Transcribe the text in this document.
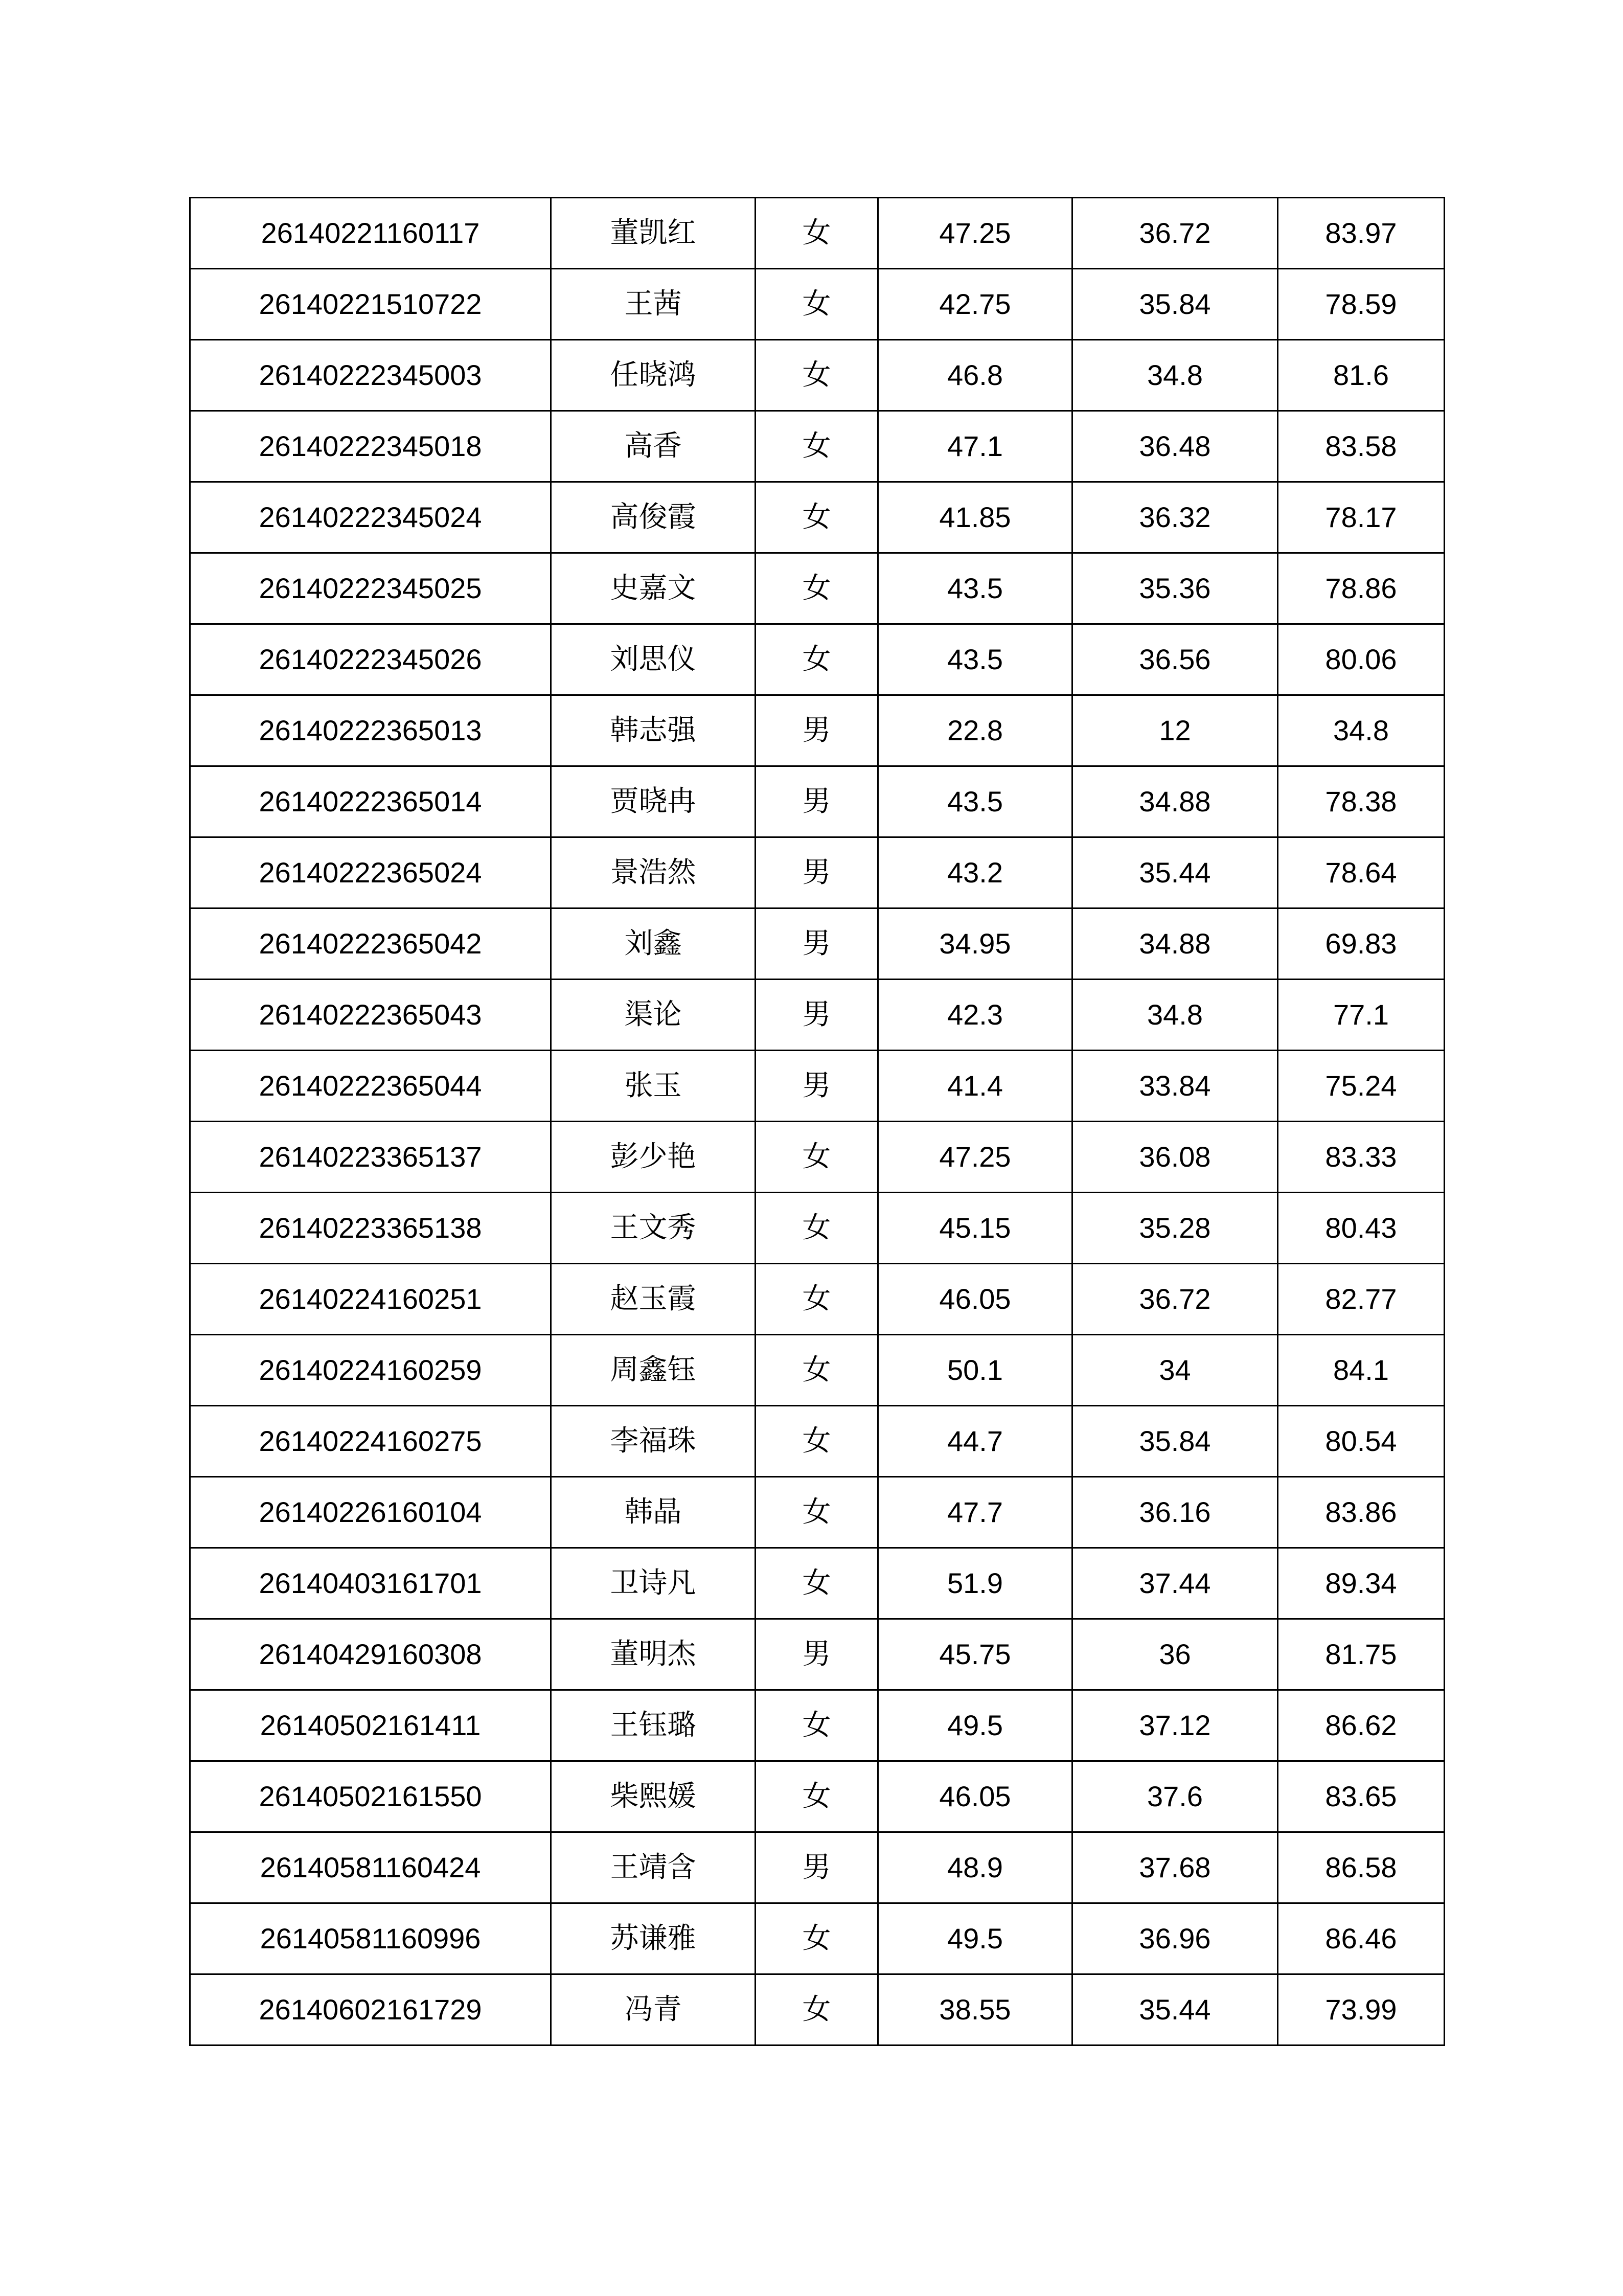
26140221160117	董凯红	女	47.25	36.72	83.97
26140221510722	王茜	女	42.75	35.84	78.59
26140222345003	任晓鸿	女	46.8	34.8	81.6
26140222345018	高香	女	47.1	36.48	83.58
26140222345024	高俊霞	女	41.85	36.32	78.17
26140222345025	史嘉文	女	43.5	35.36	78.86
26140222345026	刘思仪	女	43.5	36.56	80.06
26140222365013	韩志强	男	22.8	12	34.8
26140222365014	贾晓冉	男	43.5	34.88	78.38
26140222365024	景浩然	男	43.2	35.44	78.64
26140222365042	刘鑫	男	34.95	34.88	69.83
26140222365043	渠论	男	42.3	34.8	77.1
26140222365044	张玉	男	41.4	33.84	75.24
26140223365137	彭少艳	女	47.25	36.08	83.33
26140223365138	王文秀	女	45.15	35.28	80.43
26140224160251	赵玉霞	女	46.05	36.72	82.77
26140224160259	周鑫钰	女	50.1	34	84.1
26140224160275	李福珠	女	44.7	35.84	80.54
26140226160104	韩晶	女	47.7	36.16	83.86
26140403161701	卫诗凡	女	51.9	37.44	89.34
26140429160308	董明杰	男	45.75	36	81.75
26140502161411	王钰璐	女	49.5	37.12	86.62
26140502161550	柴熙媛	女	46.05	37.6	83.65
26140581160424	王靖含	男	48.9	37.68	86.58
26140581160996	苏谦雅	女	49.5	36.96	86.46
26140602161729	冯青	女	38.55	35.44	73.99
